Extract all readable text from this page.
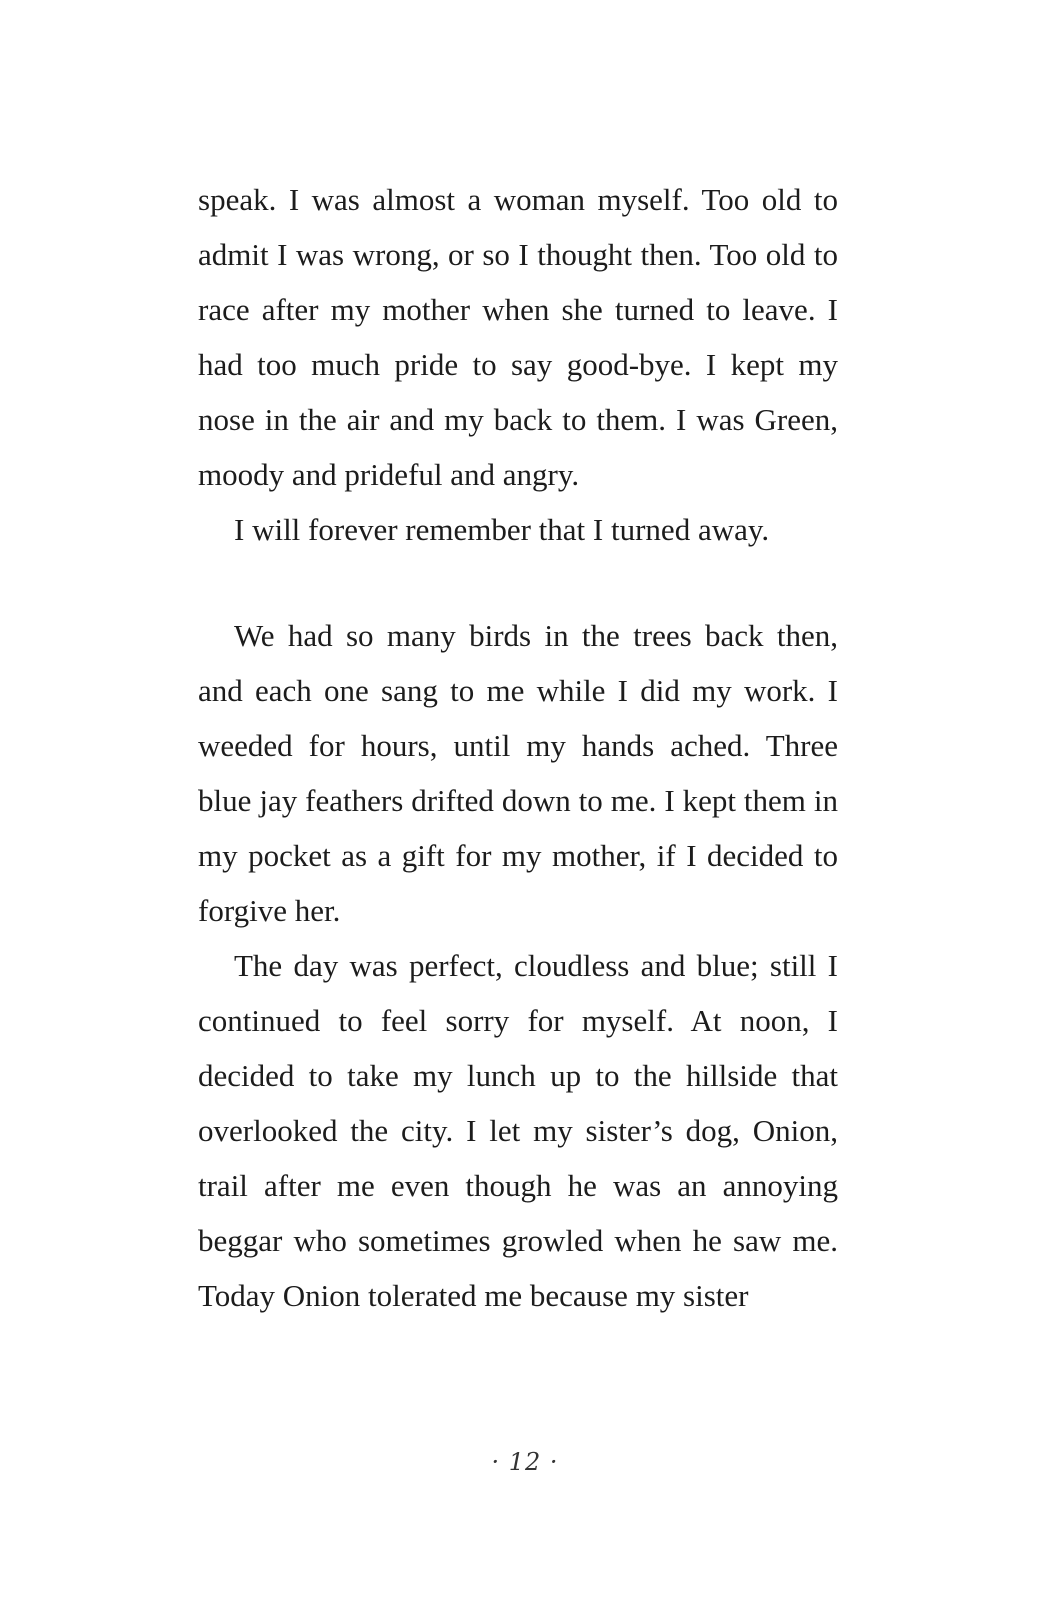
speak. I was almost a woman myself. Too old to admit I was wrong, or so I thought then. Too old to race after my mother when she turned to leave. I had too much pride to say good-bye. I kept my nose in the air and my back to them. I was Green, moody and prideful and angry.

I will forever remember that I turned away.

We had so many birds in the trees back then, and each one sang to me while I did my work. I weeded for hours, until my hands ached. Three blue jay feathers drifted down to me. I kept them in my pocket as a gift for my mother, if I decided to forgive her.

The day was perfect, cloudless and blue; still I continued to feel sorry for myself. At noon, I decided to take my lunch up to the hillside that overlooked the city. I let my sister’s dog, Onion, trail after me even though he was an annoying beggar who sometimes growled when he saw me. Today Onion tolerated me because my sister

· 12 ·
